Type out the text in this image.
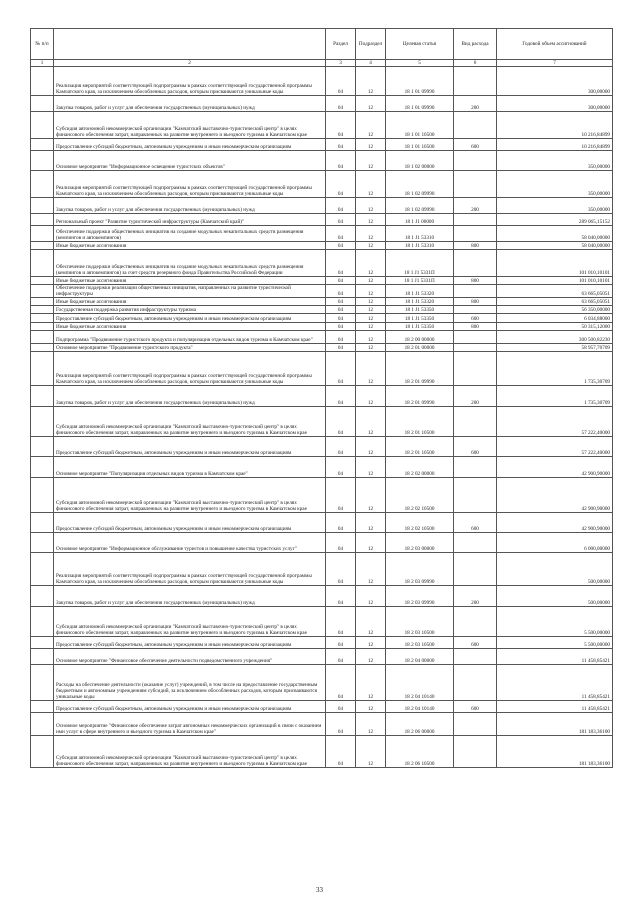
№ п/п		Раздел	Подраздел	Целевая статья	Вид расхода	Годовой объем ассигнований
1	2	3	4	5	6	7
	Реализация мероприятий соответствующей подпрограммы в рамках соответствующей государственной программы Камчатского края, за исключением обособленных расходов, которым присваиваются уникальные коды	04	12	18 1 01 09990		300,00000
	Закупка товаров, работ и услуг для обеспечения государственных (муниципальных) нужд	04	12	18 1 01 09990	200	300,00000
	Субсидия автономной некоммерческой организации "Камчатский выставочно-туристический центр" в целях финансового обеспечения затрат, направленных на развитие внутреннего и въездного туризма в Камчатском крае	04	12	18 1 01 10500		10 216,84899
	Предоставление субсидий бюджетным, автономным учреждениям и иным некоммерческим организациям	04	12	18 1 01 10500	600	10 216,84899
	Основное мероприятие "Информационное освещение туристских объектов"	04	12	18 1 02 00000		350,00000
	Реализация мероприятий соответствующей подпрограммы в рамках соответствующей государственной программы Камчатского края, за исключением обособленных расходов, которым присваиваются уникальные коды	04	12	18 1 02 09990		350,00000
	Закупка товаров, работ и услуг для обеспечения государственных (муниципальных) нужд	04	12	18 1 02 09990	200	350,00000
	Региональный проект "Развитие туристической инфраструктуры (Камчатский край)"	04	12	18 1 J1 00000		289 065,15152
	Обеспечение поддержки общественных инициатив на создание модульных некапитальных средств размещения (кемпингов и автокемпингов)	04	12	18 1 J1 53310		58 040,00000
	Иные бюджетные ассигнования	04	12	18 1 J1 53310	800	58 040,00000
	Обеспечение поддержки общественных инициатив на создание модульных некапитальных средств размещения (кемпингов и автокемпингов) за счет средств резервного фонда Правительства Российской Федерации	04	12	18 1 J1 5331П		101 010,10101
	Иные бюджетные ассигнования	04	12	18 1 J1 5331П	800	101 010,10101
	Обеспечение поддержки реализации общественных инициатив, направленных на развитие туристической инфраструктуры	04	12	18 1 J1 53320		63 665,05051
	Иные бюджетные ассигнования	04	12	18 1 J1 53320	800	63 665,05051
	Государственная поддержка развития инфраструктуры туризма	04	12	18 1 J1 53350		56 350,00000
	Предоставление субсидий бюджетным, автономным учреждениям и иным некоммерческим организациям	04	12	18 1 J1 53350	600	6 034,88000
	Иные бюджетные ассигнования	04	12	18 1 J1 53350	800	50 315,12000
	Подпрограмма "Продвижение туристского продукта и популяризация отдельных видов туризма в Камчатском крае"	04	12	18 2 00 00000		300 500,82230
	Основное мероприятие "Продвижение туристского продукта"	04	12	18 2 01 00000		58 957,70709
	Реализация мероприятий соответствующей подпрограммы в рамках соответствующей государственной программы Камчатского края, за исключением обособленных расходов, которым присваиваются уникальные коды	04	12	18 2 01 09990		1 735,30709
	Закупка товаров, работ и услуг для обеспечения государственных (муниципальных) нужд	04	12	18 2 01 09990	200	1 735,30709
	Субсидия автономной некоммерческой организации "Камчатский выставочно-туристический центр" в целях финансового обеспечения затрат, направленных на развитие внутреннего и въездного туризма в Камчатском крае	04	12	18 2 01 10500		57 222,40000
	Предоставление субсидий бюджетным, автономным учреждениям и иным некоммерческим организациям	04	12	18 2 01 10500	600	57 222,40000
	Основное мероприятие "Популяризация отдельных видов туризма в Камчатском крае"	04	12	18 2 02 00000		42 900,90000
	Субсидия автономной некоммерческой организации "Камчатский выставочно-туристический центр" в целях финансового обеспечения затрат, направленных на развитие внутреннего и въездного туризма в Камчатском крае	04	12	18 2 02 10500		42 900,90000
	Предоставление субсидий бюджетным, автономным учреждениям и иным некоммерческим организациям	04	12	18 2 02 10500	600	42 900,90000
	Основное мероприятие "Информационное обслуживание туристов и повышение качества туристских услуг"	04	12	18 2 03 00000		6 000,00000
	Реализация мероприятий соответствующей подпрограммы в рамках соответствующей государственной программы Камчатского края, за исключением обособленных расходов, которым присваиваются уникальные коды	04	12	18 2 03 09990		500,00000
	Закупка товаров, работ и услуг для обеспечения государственных (муниципальных) нужд	04	12	18 2 03 09990	200	500,00000
	Субсидия автономной некоммерческой организации "Камчатский выставочно-туристический центр" в целях финансового обеспечения затрат, направленных на развитие внутреннего и въездного туризма в Камчатском крае	04	12	18 2 03 10500		5 500,00000
	Предоставление субсидий бюджетным, автономным учреждениям и иным некоммерческим организациям	04	12	18 2 03 10500	600	5 500,00000
	Основное мероприятие "Финансовое обеспечение деятельности подведомственного учреждения"	04	12	18 2 04 00000		11 458,85421
	Расходы на обеспечение деятельности (оказание услуг) учреждений, в том числе на предоставление государственным бюджетным и автономным учреждениям субсидий, за исключением обособленных расходов, которым присваиваются уникальные коды	04	12	18 2 04 10140		11 458,85421
	Предоставление субсидий бюджетным, автономным учреждениям и иным некоммерческим организациям	04	12	18 2 04 10140	600	11 458,85421
	Основное мероприятие "Финансовое обеспечение затрат автономных некоммерческих организаций в связи с оказанием ими услуг в сфере внутреннего и въездного туризма в Камчатском крае"	04	12	18 2 06 00000		181 183,36100
	Субсидия автономной некоммерческой организации "Камчатский выставочно-туристический центр" в целях финансового обеспечения затрат, направленных на развитие внутреннего и въездного туризма в Камчатском крае	04	12	18 2 06 10500		181 183,36100
33
